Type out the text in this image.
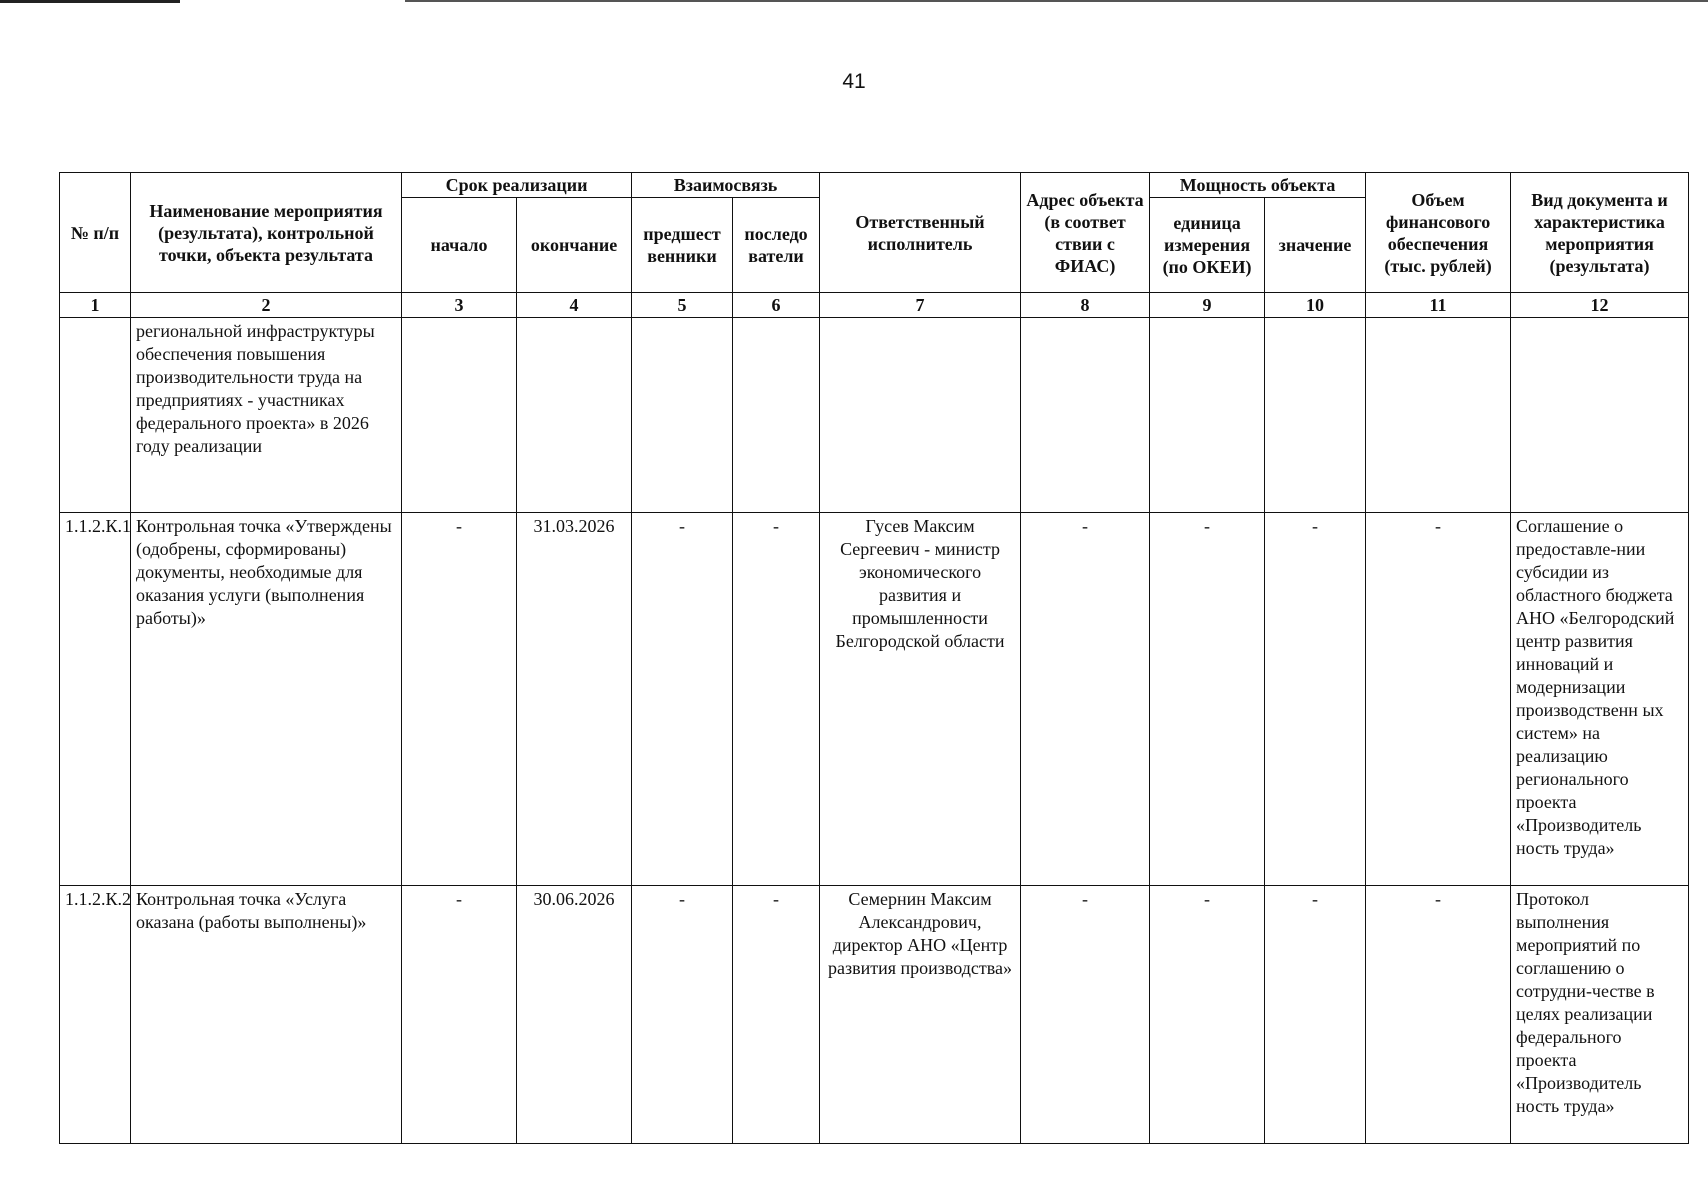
41
№ п/п	Наименование мероприятия (результата), контрольной точки, объекта результата	Срок реализации		Взаимосвязь		Ответственный исполнитель	Адрес объекта (в соответ ствии с ФИАС)	Мощность объекта		Объем финансового обеспечения (тыс. рублей)	Вид документа и характеристика мероприятия (результата)
		начало	окончание	предшест венники	последо ватели			единица измерения (по ОКЕИ)	значение		
1	2	3	4	5	6	7	8	9	10	11	12
	региональной инфраструктуры обеспечения повышения производительности труда на предприятиях - участниках федерального проекта» в 2026 году реализации										
1.1.2.К.1	Контрольная точка «Утверждены (одобрены, сформированы) документы, необходимые для оказания услуги (выполнения работы)»	-	31.03.2026	-	-	Гусев Максим Сергеевич - министр экономического развития и промышленности Белгородской области	-	-	-	-	Соглашение о предоставле-нии субсидии из областного бюджета АНО «Белгородский центр развития инноваций и модернизации производственн ых систем» на реализацию регионального проекта «Производитель ность труда»
1.1.2.К.2	Контрольная точка «Услуга оказана (работы выполнены)»	-	30.06.2026	-	-	Семернин Максим Александрович, директор АНО «Центр развития производства»	-	-	-	-	Протокол выполнения мероприятий по соглашению о сотрудни-честве в целях реализации федерального проекта «Производитель ность труда»
